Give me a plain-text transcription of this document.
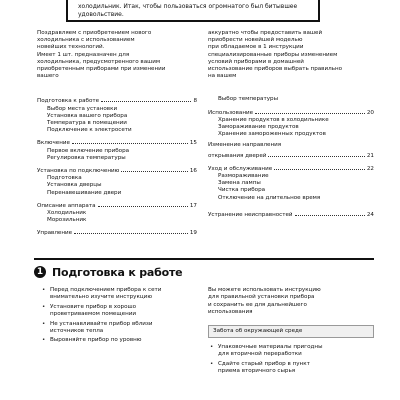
холодильник. Итак, чтобы пользоваться огромнатого был битывшее
удовольствие.
Поздравляем с приобретением нового
холодильника с использованием
новейших технологий.
Имеет 1 шт. предназначен для
холодильника, предусмотренного вашим
приобретенным приборами при изменении
вашего
Подготовка к работе	8
Выбор места установки
Установка вашего прибора
Температура в помещении
Подключение к электросети
Включение	15
Первое включение прибора
Регулировка температуры
Установка по подключению	16
Подготовка
Установка дверцы
Перенавешивание двери
Описание аппарата	17
Холодильник
Морозильник
Управление	19
аккуратно чтобы предоставить вашей
приобрести новейшей моделью
при обладаемое в 1 инструкции
специализированные приборы изменением
условий приборами в домашней
использование приборов выбрать правильно
на вашем
Выбор температуры
Использование	20
Хранение продуктов в холодильнике
Замораживание продуктов
Хранение замороженных продуктов
Изменение направления
открывания дверей	21
Уход и обслуживание	22
Размораживание
Замена лампы
Чистка прибора
Отключение на длительное время
Устранение неисправностей	24
1 Подготовка к работе
• Перед подключением прибора к сети
внимательно изучите инструкцию
• Установите прибор в хорошо
проветриваемом помещении
• Не устанавливайте прибор вблизи
источников тепла
• Выровняйте прибор по уровню
Вы можете использовать инструкцию
для правильной установки прибора
и сохранить ее для дальнейшего
использования
Забота об окружающей среде
• Упаковочные материалы пригодны
для вторичной переработки
• Сдайте старый прибор в пункт
приема вторичного сырья
